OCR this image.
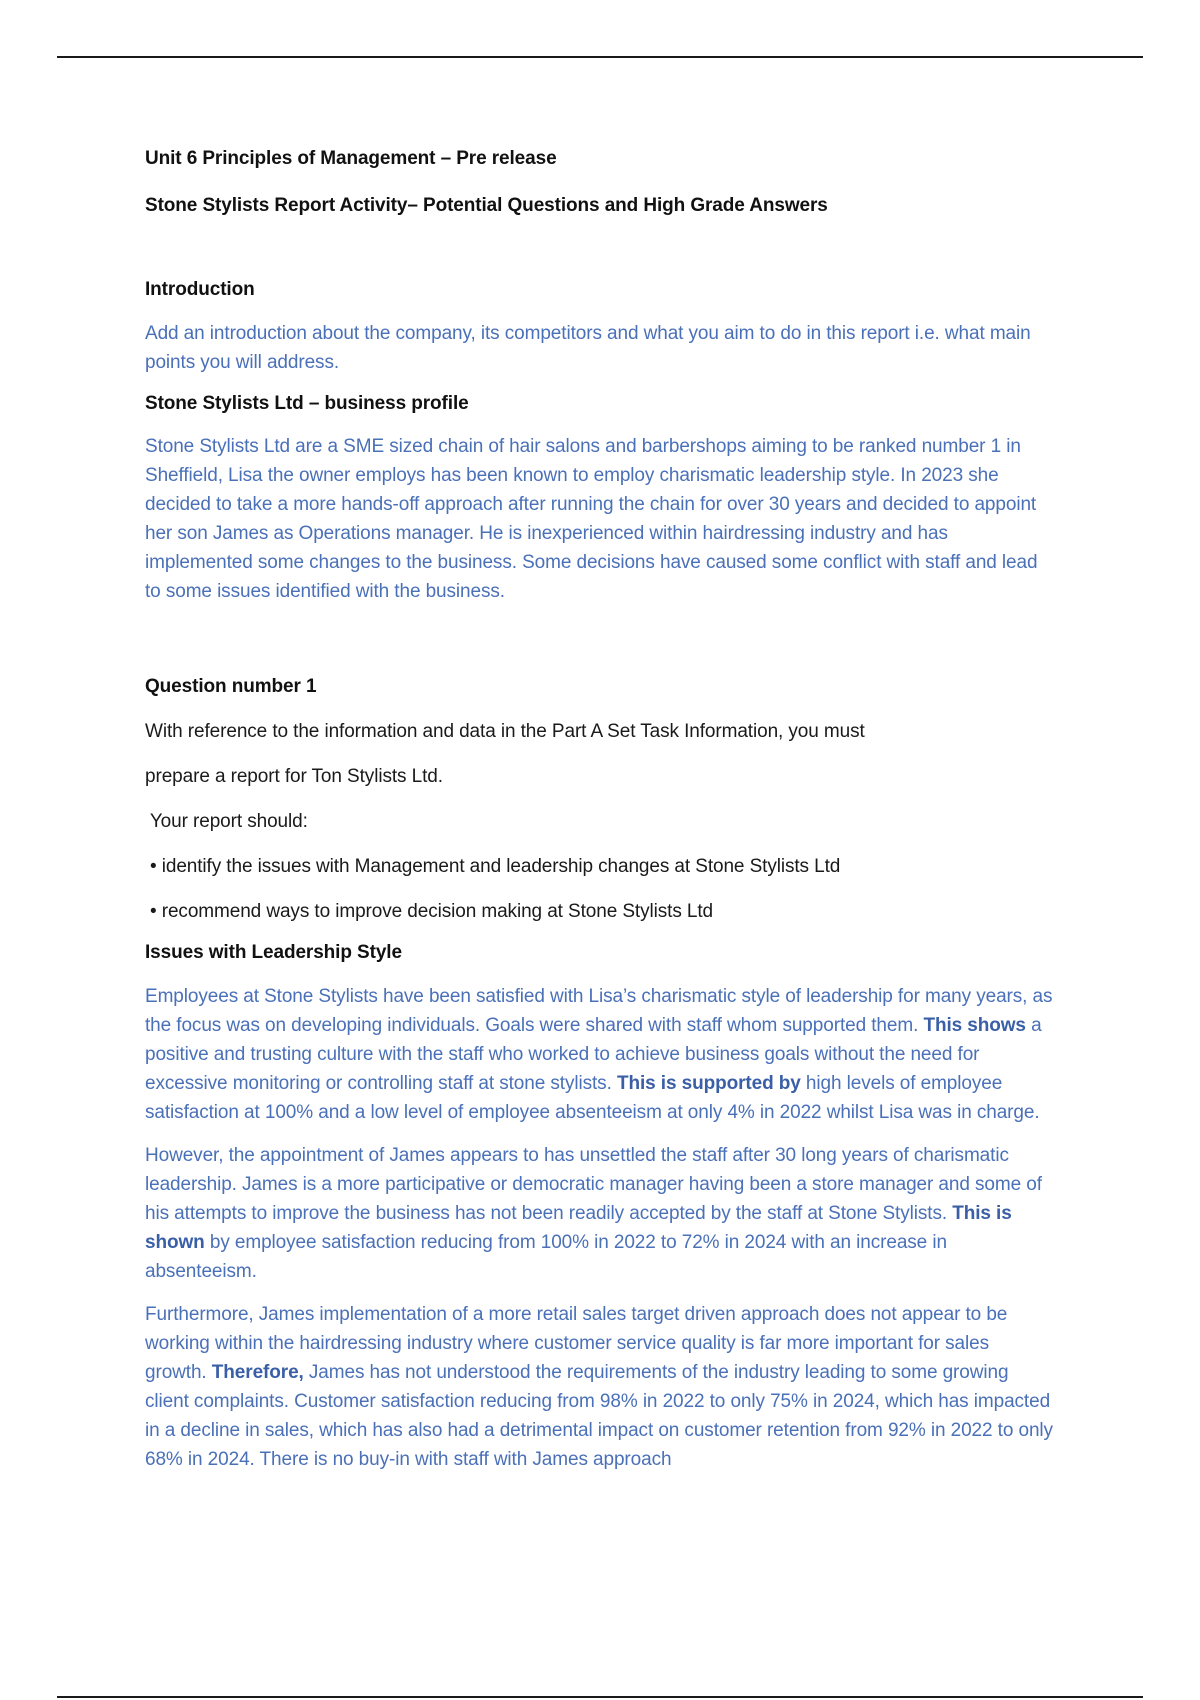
Unit 6 Principles of Management – Pre release

Stone Stylists Report Activity– Potential Questions and High Grade Answers

Introduction

Add an introduction about the company, its competitors and what you aim to do in this report i.e. what main points you will address.

Stone Stylists Ltd – business profile

Stone Stylists Ltd are a SME sized chain of hair salons and barbershops aiming to be ranked number 1 in Sheffield, Lisa the owner employs has been known to employ charismatic leadership style. In 2023 she decided to take a more hands-off approach after running the chain for over 30 years and decided to appoint her son James as Operations manager. He is inexperienced within hairdressing industry and has implemented some changes to the business. Some decisions have caused some conflict with staff and lead to some issues identified with the business.

Question number 1

With reference to the information and data in the Part A Set Task Information, you must

prepare a report for Ton Stylists Ltd.

Your report should:

• identify the issues with Management and leadership changes at Stone Stylists Ltd

• recommend ways to improve decision making at Stone Stylists Ltd

Issues with Leadership Style

Employees at Stone Stylists have been satisfied with Lisa’s charismatic style of leadership for many years, as the focus was on developing individuals. Goals were shared with staff whom supported them. This shows a positive and trusting culture with the staff who worked to achieve business goals without the need for excessive monitoring or controlling staff at stone stylists. This is supported by high levels of employee satisfaction at 100% and a low level of employee absenteeism at only 4% in 2022 whilst Lisa was in charge.

However, the appointment of James appears to has unsettled the staff after 30 long years of charismatic leadership. James is a more participative or democratic manager having been a store manager and some of his attempts to improve the business has not been readily accepted by the staff at Stone Stylists. This is shown by employee satisfaction reducing from 100% in 2022 to 72% in 2024 with an increase in absenteeism.

Furthermore, James implementation of a more retail sales target driven approach does not appear to be working within the hairdressing industry where customer service quality is far more important for sales growth. Therefore, James has not understood the requirements of the industry leading to some growing client complaints. Customer satisfaction reducing from 98% in 2022 to only 75% in 2024, which has impacted in a decline in sales, which has also had a detrimental impact on customer retention from 92% in 2022 to only 68% in 2024. There is no buy-in with staff with James approach
